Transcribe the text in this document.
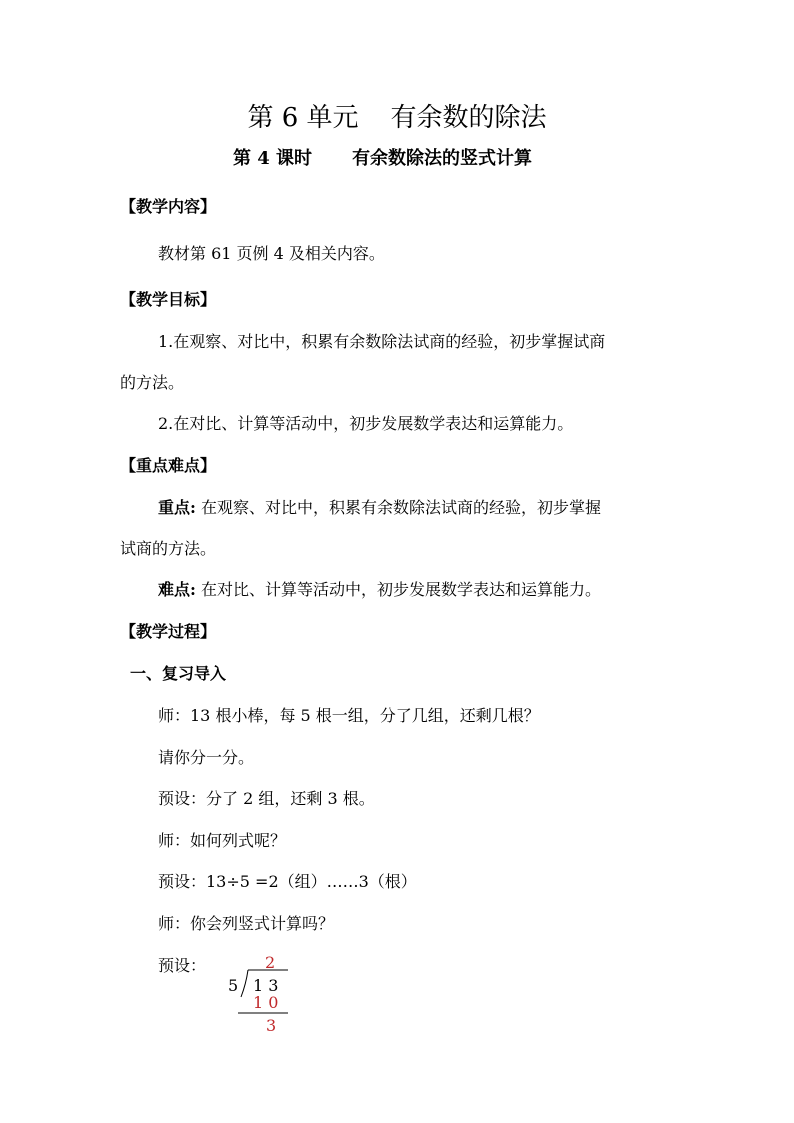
第 6 单元 有余数的除法
第 4 课时 有余数除法的竖式计算
【教学内容】
教材第 61 页例 4 及相关内容。
【教学目标】
1.在观察、对比中，积累有余数除法试商的经验，初步掌握试商
的方法。
2.在对比、计算等活动中，初步发展数学表达和运算能力。
【重点难点】
重点: 在观察、对比中，积累有余数除法试商的经验，初步掌握
试商的方法。
难点: 在对比、计算等活动中，初步发展数学表达和运算能力。
【教学过程】
一、复习导入
师：13 根小棒，每 5 根一组，分了几组，还剩几根？
请你分一分。
预设：分了 2 组，还剩 3 根。
师：如何列式呢？
预设：13÷5 =2（组）……3（根）
师：你会列竖式计算吗？
预设：	2
5 1 3
1 0
3
